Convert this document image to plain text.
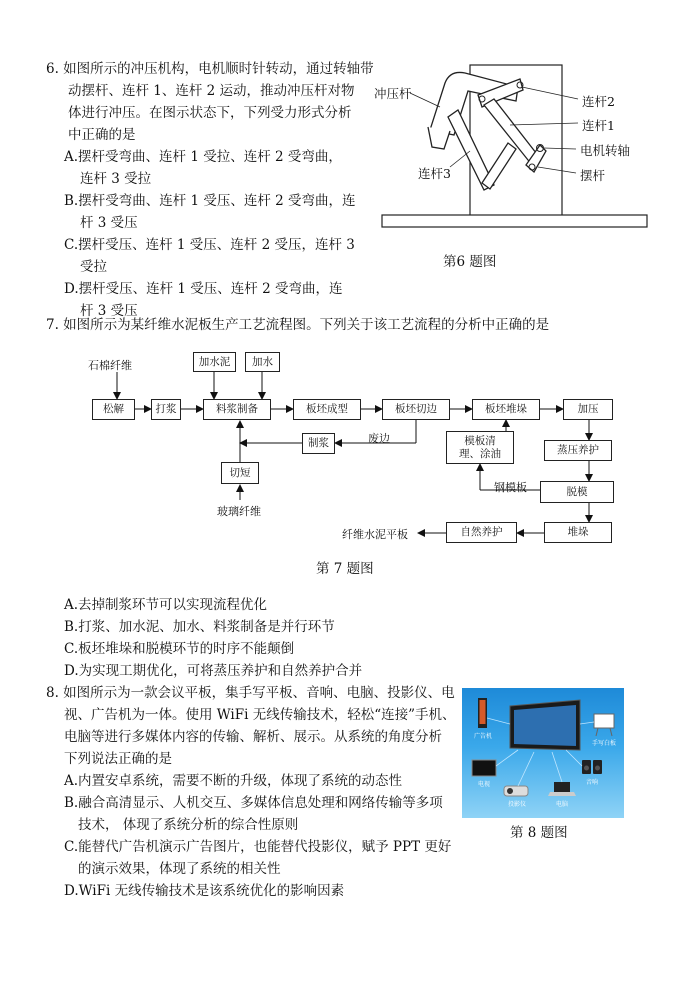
6. 如图所示的冲压机构，电机顺时针转动，通过转轴带
动摆杆、连杆 1、连杆 2 运动，推动冲压杆对物
体进行冲压。在图示状态下，下列受力形式分析
中正确的是
A.摆杆受弯曲、连杆 1 受拉、连杆 2 受弯曲，
连杆 3 受拉
B.摆杆受弯曲、连杆 1 受压、连杆 2 受弯曲，连
杆 3 受压
C.摆杆受压、连杆 1 受压、连杆 2 受压，连杆 3
受拉
D.摆杆受压、连杆 1 受压、连杆 2 受弯曲，连
杆 3 受压
冲压杆
连杆2
连杆1
电机转轴
摆杆
连杆3
第6 题图
7. 如图所示为某纤维水泥板生产工艺流程图。下列关于该工艺流程的分析中正确的是
石棉纤维
松解	打浆
加水泥	加水
料浆制备	板坯成型	板坯切边	板坯堆垛	加压
废边
制浆
切短
玻璃纤维
模板清理、涂油	蒸压养护
钢模板	脱模
堆垛
自然养护
纤维水泥平板
第 7 题图
A.去掉制浆环节可以实现流程优化
B.打浆、加水泥、加水、料浆制备是并行环节
C.板坯堆垛和脱模环节的时序不能颠倒
D.为实现工期优化，可将蒸压养护和自然养护合并
8. 如图所示为一款会议平板，集手写平板、音响、电脑、投影仪、电
视、广告机为一体。使用 WiFi 无线传输技术，轻松“连接”手机、
电脑等进行多媒体内容的传输、解析、展示。从系统的角度分析
下列说法正确的是
A.内置安卓系统，需要不断的升级，体现了系统的动态性
B.融合高清显示、人机交互、多媒体信息处理和网络传输等多项
技术， 体现了系统分析的综合性原则
C.能替代广告机演示广告图片，也能替代投影仪，赋予 PPT 更好
的演示效果，体现了系统的相关性
D.WiFi 无线传输技术是该系统优化的影响因素
广告机
手写白板
电视	音响
投影仪	电脑
第 8 题图
